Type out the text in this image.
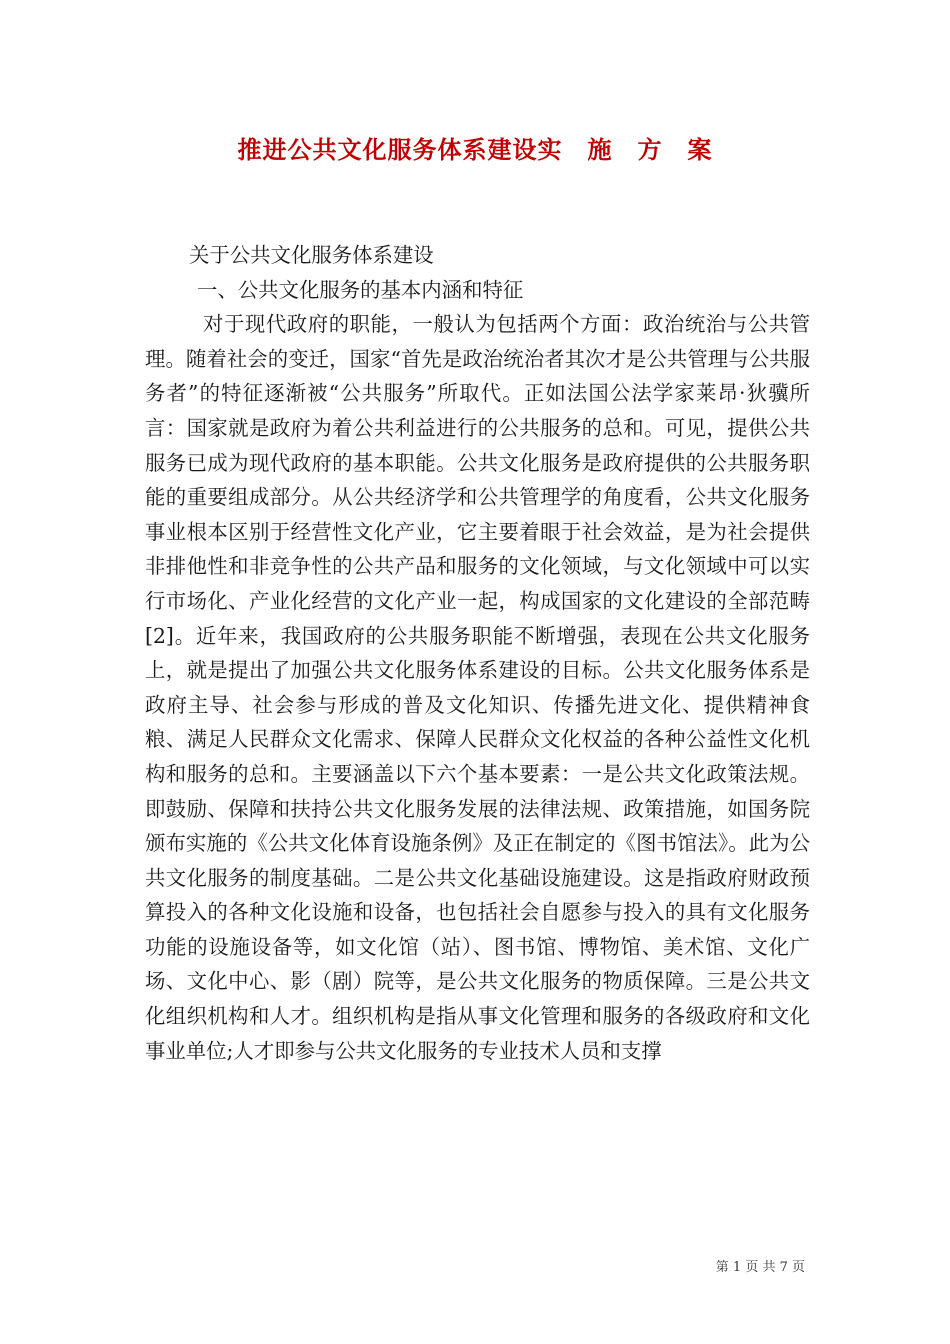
推进公共文化服务体系建设实　施　方　案

关于公共文化服务体系建设

一、公共文化服务的基本内涵和特征

对于现代政府的职能，一般认为包括两个方面：政治统治与公共管理。随着社会的变迁，国家“首先是政治统治者其次才是公共管理与公共服务者”的特征逐渐被“公共服务”所取代。正如法国公法学家莱昂·狄骥所言：国家就是政府为着公共利益进行的公共服务的总和。可见，提供公共服务已成为现代政府的基本职能。公共文化服务是政府提供的公共服务职能的重要组成部分。从公共经济学和公共管理学的角度看，公共文化服务事业根本区别于经营性文化产业，它主要着眼于社会效益，是为社会提供非排他性和非竞争性的公共产品和服务的文化领域，与文化领域中可以实行市场化、产业化经营的文化产业一起，构成国家的文化建设的全部范畴[2]。近年来，我国政府的公共服务职能不断增强，表现在公共文化服务上，就是提出了加强公共文化服务体系建设的目标。公共文化服务体系是政府主导、社会参与形成的普及文化知识、传播先进文化、提供精神食粮、满足人民群众文化需求、保障人民群众文化权益的各种公益性文化机构和服务的总和。主要涵盖以下六个基本要素：一是公共文化政策法规。即鼓励、保障和扶持公共文化服务发展的法律法规、政策措施，如国务院颁布实施的《公共文化体育设施条例》及正在制定的《图书馆法》。此为公共文化服务的制度基础。二是公共文化基础设施建设。这是指政府财政预算投入的各种文化设施和设备，也包括社会自愿参与投入的具有文化服务功能的设施设备等，如文化馆（站）、图书馆、博物馆、美术馆、文化广场、文化中心、影（剧）院等，是公共文化服务的物质保障。三是公共文化组织机构和人才。组织机构是指从事文化管理和服务的各级政府和文化事业单位;人才即参与公共文化服务的专业技术人员和支撑

第 1 页 共 7 页
